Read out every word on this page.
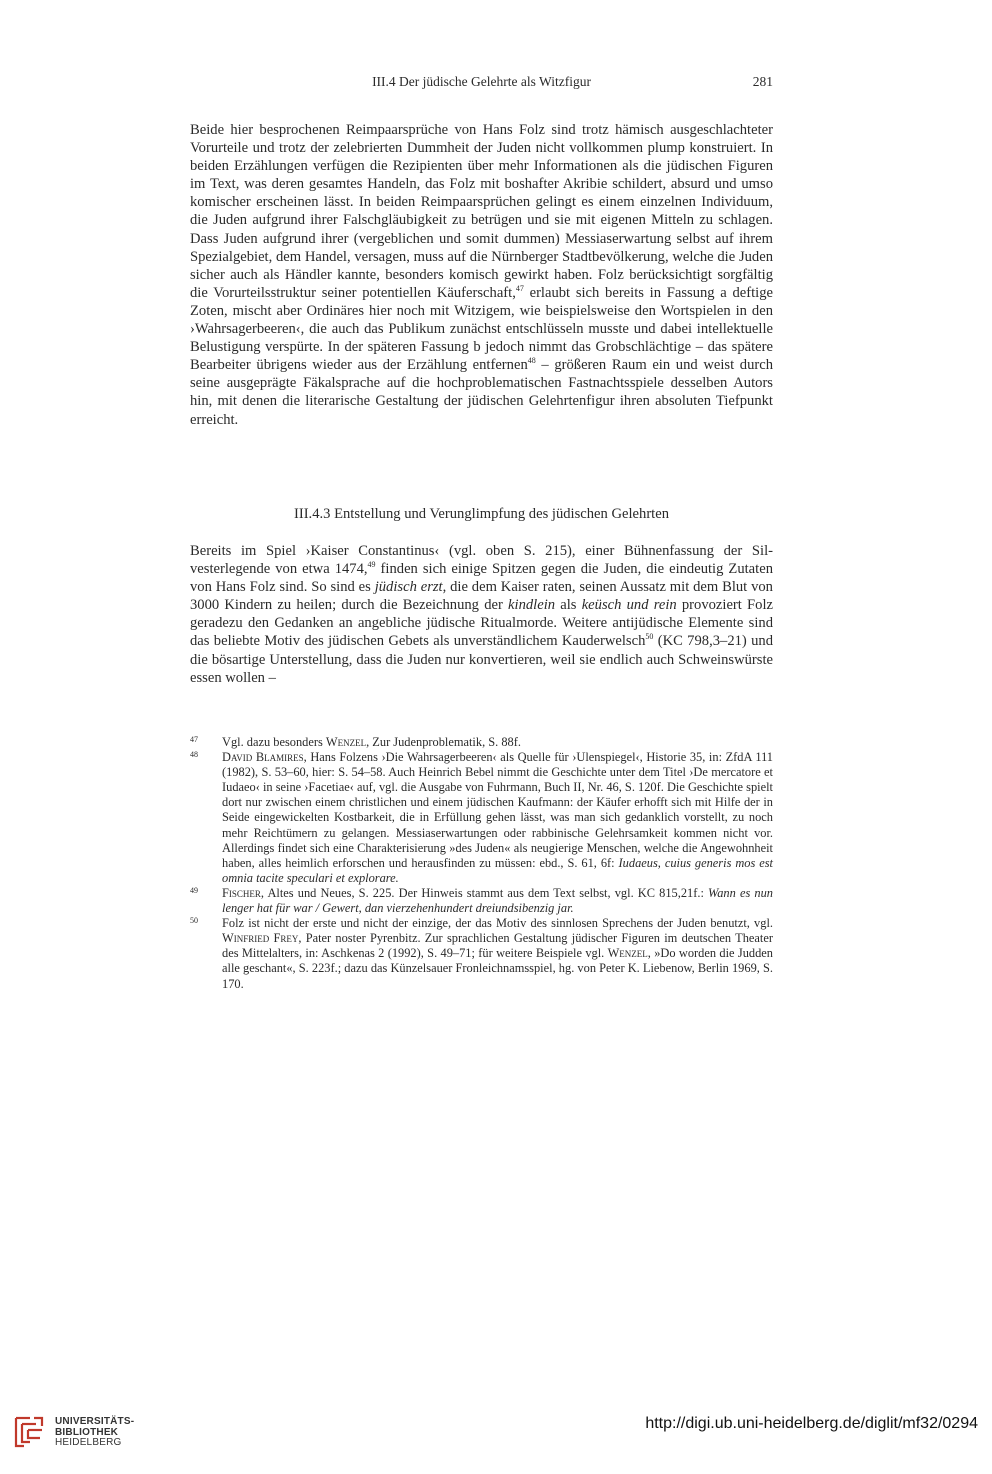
III.4 Der jüdische Gelehrte als Witzfigur	281

Beide hier besprochenen Reimpaarsprüche von Hans Folz sind trotz hämisch ausgeschlachteter Vorurteile und trotz der zelebrierten Dummheit der Juden nicht vollkommen plump konstruiert. In beiden Erzählungen verfügen die Rezipienten über mehr Informationen als die jüdischen Figuren im Text, was deren gesamtes Handeln, das Folz mit boshafter Akribie schildert, absurd und umso komischer erscheinen lässt. In beiden Reimpaarsprüchen gelingt es einem einzelnen Individuum, die Juden aufgrund ihrer Falschgläubigkeit zu betrügen und sie mit eigenen Mitteln zu schlagen. Dass Juden aufgrund ihrer (vergeblichen und somit dummen) Messiaserwartung selbst auf ihrem Spezialgebiet, dem Handel, versagen, muss auf die Nürnberger Stadtbevölkerung, welche die Juden sicher auch als Händler kannte, besonders komisch gewirkt haben. Folz berücksichtigt sorgfältig die Vorurteilsstruktur seiner potentiellen Käuferschaft,$^{47}$ erlaubt sich bereits in Fassung a deftige Zoten, mischt aber Ordinäres hier noch mit Witzigem, wie beispielsweise den Wortspielen in den ›Wahrsagerbeeren‹, die auch das Publikum zunächst entschlüsseln musste und dabei intellektuelle Belustigung verspürte. In der späteren Fassung b jedoch nimmt das Grobschlächtige – das spätere Bearbeiter übrigens wieder aus der Erzählung entfernen$^{48}$ – größeren Raum ein und weist durch seine ausgeprägte Fäkalsprache auf die hochproblematischen Fastnachtsspiele desselben Autors hin, mit denen die literarische Gestaltung der jüdischen Gelehrtenfigur ihren absoluten Tiefpunkt erreicht.

III.4.3 Entstellung und Verunglimpfung des jüdischen Gelehrten

Bereits im Spiel ›Kaiser Constantinus‹ (vgl. oben S. 215), einer Bühnenfassung der Silvesterlegende von etwa 1474,49 finden sich einige Spitzen gegen die Juden, die eindeutig Zutaten von Hans Folz sind. So sind es jüdisch erzt, die dem Kaiser raten, seinen Aussatz mit dem Blut von 3000 Kindern zu heilen; durch die Bezeichnung der kindlein als keüsch und rein provoziert Folz geradezu den Gedanken an angebliche jüdische Ritualmorde. Weitere antijüdische Elemente sind das beliebte Motiv des jüdischen Gebets als unverständlichem Kauderwelsch$^{50}$ (KC 798,3–21) und die bösartige Unterstellung, dass die Juden nur konvertieren, weil sie endlich auch Schweinswürste essen wollen –

47 Vgl. dazu besonders Wenzel, Zur Judenproblematik, S. 88f.
48 David Blamires, Hans Folzens ›Die Wahrsagerbeeren‹ als Quelle für ›Ulenspiegel‹, Historie 35, in: ZfdA 111 (1982), S. 53–60, hier: S. 54–58. Auch Heinrich Bebel nimmt die Geschichte unter dem Titel ›De mercatore et Iudaeo‹ in seine ›Facetiae‹ auf, vgl. die Ausgabe von Fuhrmann, Buch II, Nr. 46, S. 120f. Die Geschichte spielt dort nur zwischen einem christlichen und einem jüdischen Kaufmann: der Käufer erhofft sich mit Hilfe der in Seide eingewickelten Kostbarkeit, die in Erfüllung gehen lässt, was man sich gedanklich vorstellt, zu noch mehr Reichtümern zu gelangen. Messiaserwartungen oder rabbinische Gelehrsamkeit kommen nicht vor. Allerdings findet sich eine Charakterisierung »des Juden« als neugierige Menschen, welche die Angewohnheit haben, alles heimlich erforschen und herausfinden zu müssen: ebd., S. 61, 6f: Iudaeus, cuius generis mos est omnia tacite speculari et explorare.
49 Fischer, Altes und Neues, S. 225. Der Hinweis stammt aus dem Text selbst, vgl. KC 815,21f.: Wann es nun lenger hat für war / Gewert, dan vierzehenhundert dreiundsibenzig jar.
50 Folz ist nicht der erste und nicht der einzige, der das Motiv des sinnlosen Sprechens der Juden benutzt, vgl. Winfried Frey, Pater noster Pyrenbitz. Zur sprachlichen Gestaltung jüdischer Figuren im deutschen Theater des Mittelalters, in: Aschkenas 2 (1992), S. 49–71; für weitere Beispiele vgl. Wenzel, »Do worden die Judden alle geschant«, S. 223f.; dazu das Künzelsauer Fronleichnamsspiel, hg. von Peter K. Liebenow, Berlin 1969, S. 170.
UNIVERSITÄTS-
BIBLIOTHEK
HEIDELBERG
http://digi.ub.uni-heidelberg.de/diglit/mf32/0294
